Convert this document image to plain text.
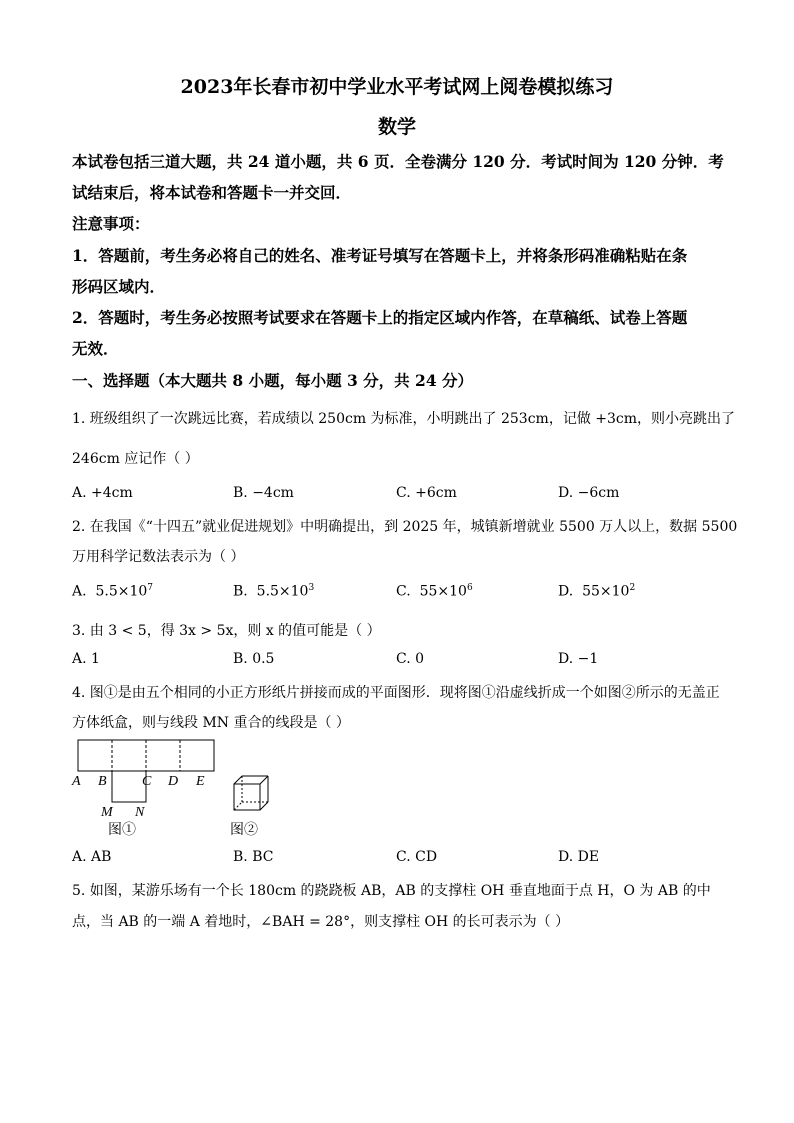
2023年长春市初中学业水平考试网上阅卷模拟练习
数学
本试卷包括三道大题，共 24 道小题，共 6 页．全卷满分 120 分．考试时间为 120 分钟．考
试结束后，将本试卷和答题卡一并交回．
注意事项：
1．答题前，考生务必将自己的姓名、准考证号填写在答题卡上，并将条形码准确粘贴在条
形码区域内．
2．答题时，考生务必按照考试要求在答题卡上的指定区域内作答，在草稿纸、试卷上答题
无效．
一、选择题（本大题共 8 小题，每小题 3 分，共 24 分）
1. 班级组织了一次跳远比赛，若成绩以 250cm 为标准，小明跳出了 253cm，记做 +3cm，则小亮跳出了
246cm 应记作（ ）
A. +4cm	B. −4cm	C. +6cm	D. −6cm
2. 在我国《“十四五”就业促进规划》中明确提出，到 2025 年，城镇新增就业 5500 万人以上，数据 5500
万用科学记数法表示为（ ）
A. $5.5\times 10^7$	B. $5.5\times 10^3$	C. $55\times 10^6$	D. $55\times 10^2$
3. 由 3 < 5，得 3x > 5x，则 x 的值可能是（ ）
A. 1	B. 0.5	C. 0	D. −1
4. 图①是由五个相同的小正方形纸片拼接而成的平面图形．现将图①沿虚线折成一个如图②所示的无盖正
方体纸盒，则与线段 MN 重合的线段是（ ）
A B	C D E
M N
图①	图②
A. AB	B. BC	C. CD	D. DE
5. 如图，某游乐场有一个长 180cm 的跷跷板 AB，AB 的支撑柱 OH 垂直地面于点 H，O 为 AB 的中
点，当 AB 的一端 A 着地时，∠BAH = 28°，则支撑柱 OH 的长可表示为（ ）
